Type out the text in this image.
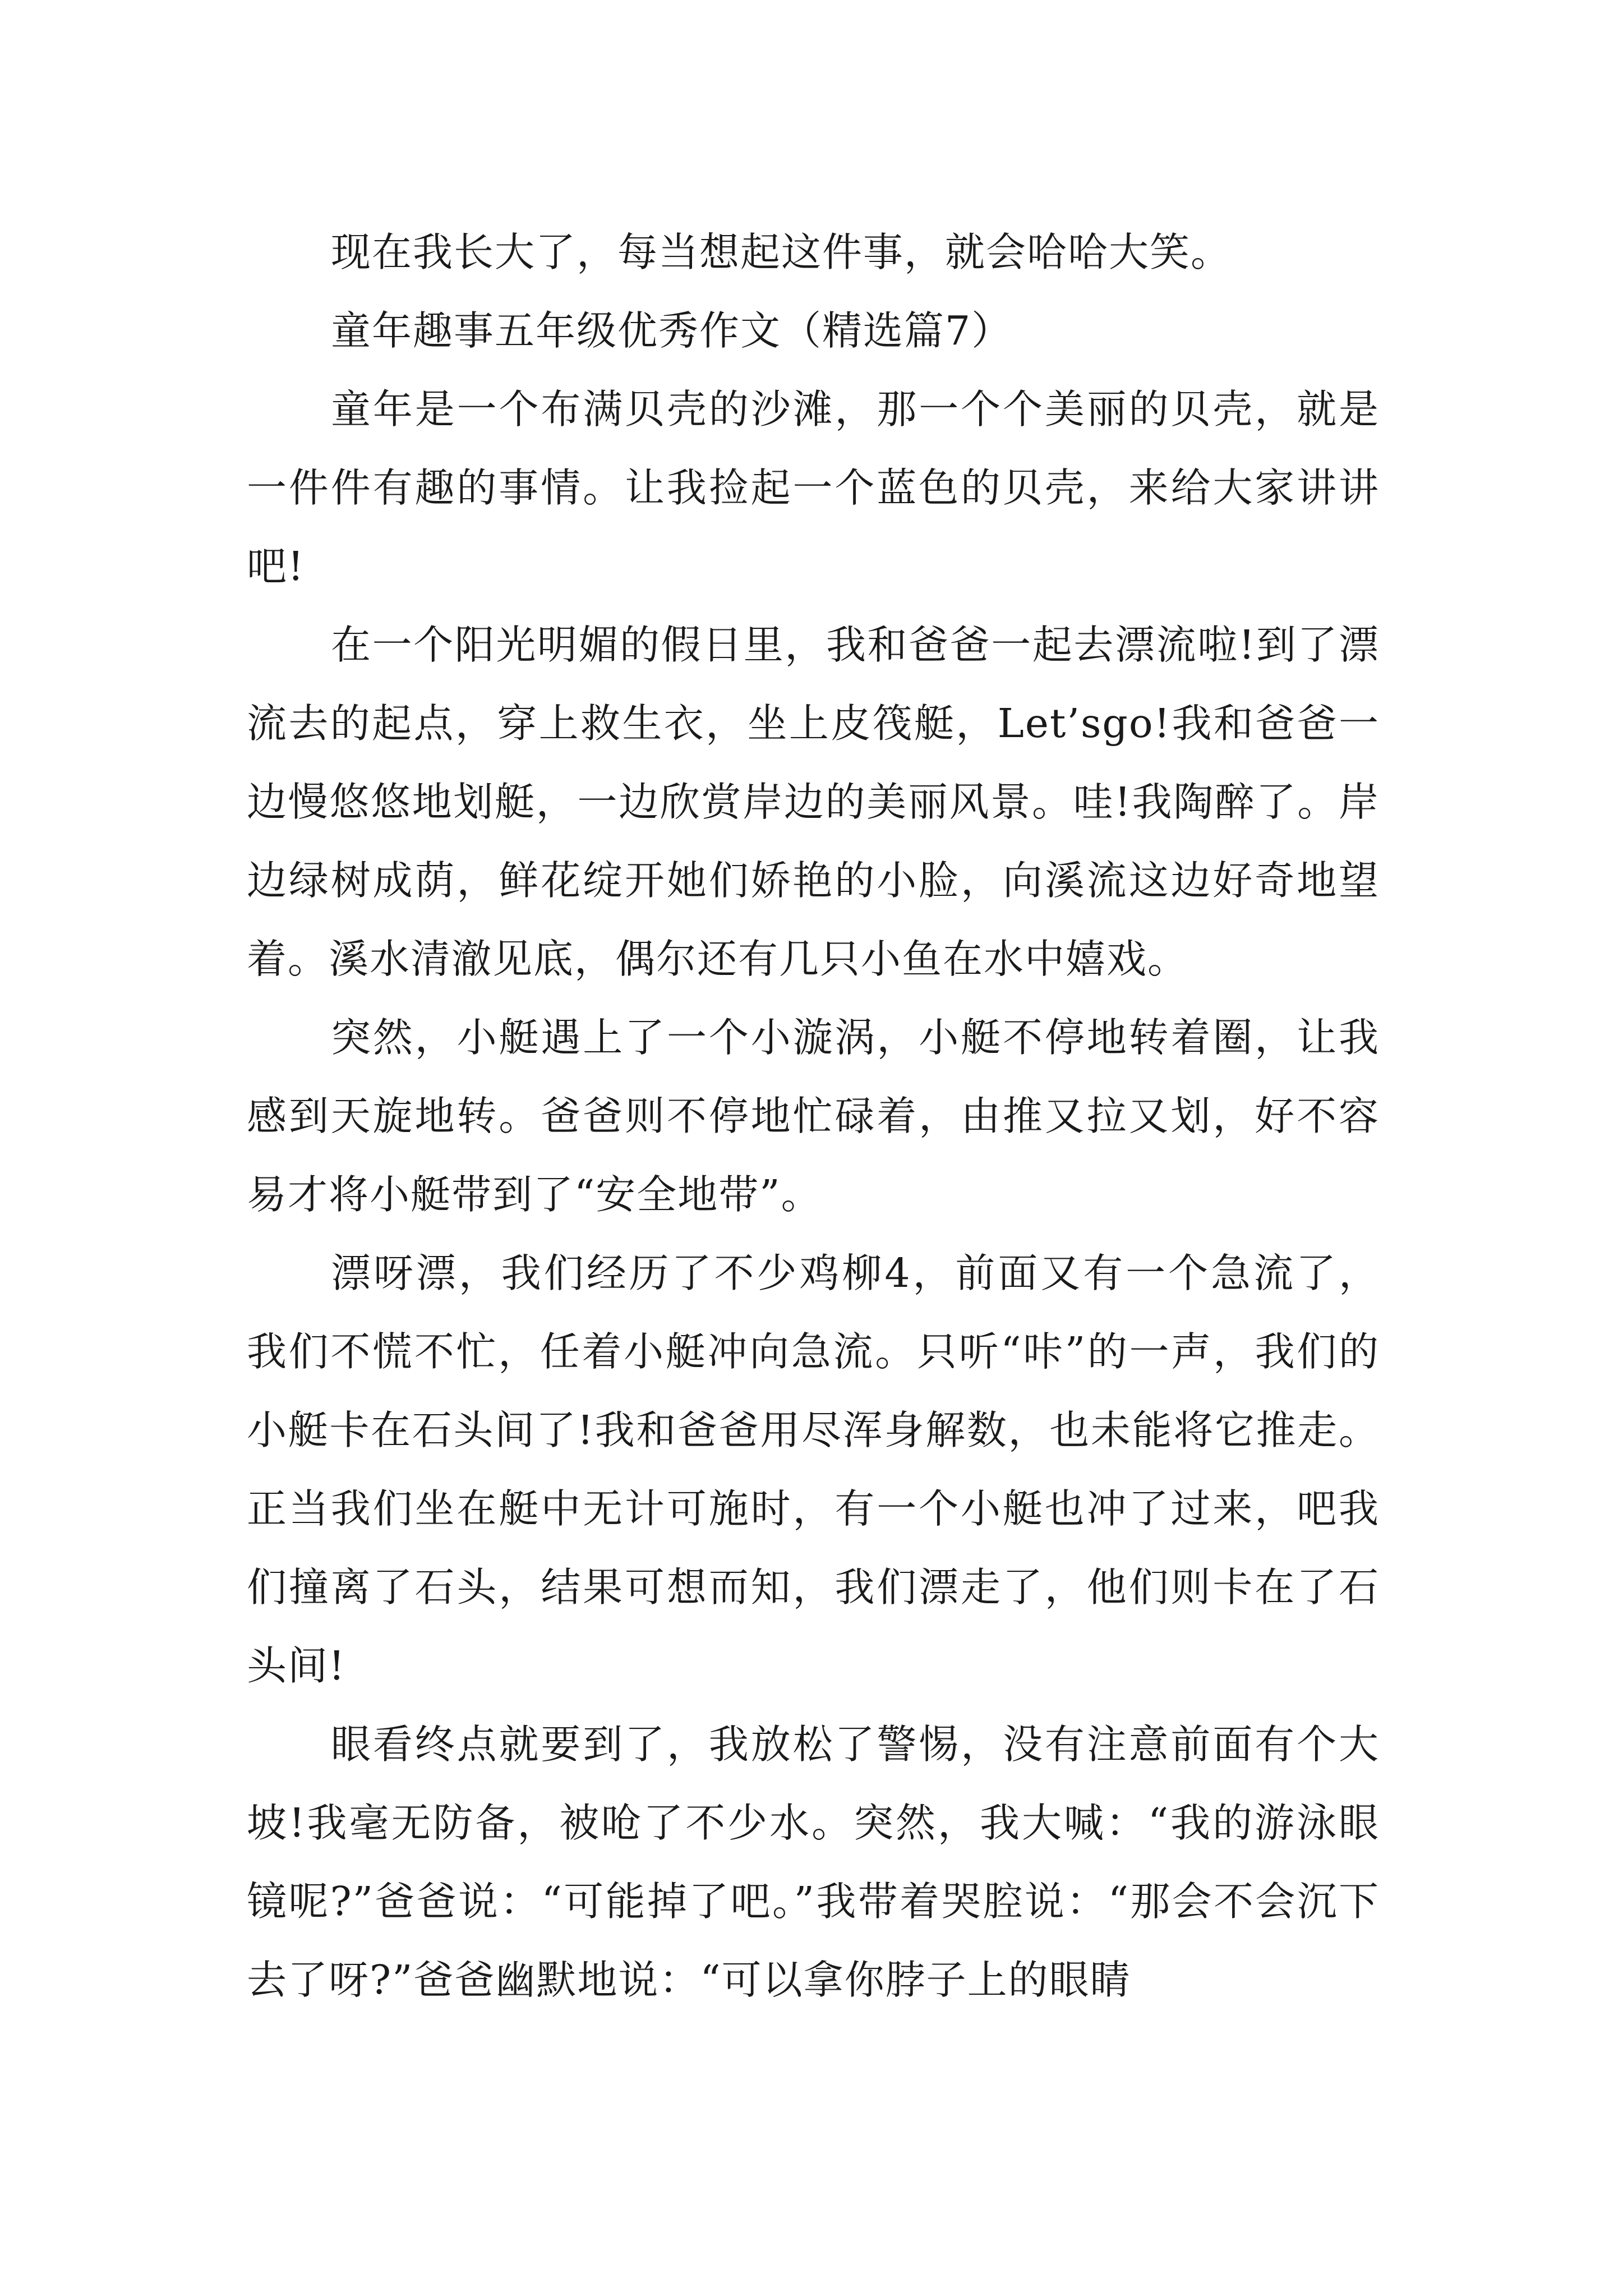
现在我长大了，每当想起这件事，就会哈哈大笑。

童年趣事五年级优秀作文（精选篇7）

童年是一个布满贝壳的沙滩，那一个个美丽的贝壳，就是一件件有趣的事情。让我捡起一个蓝色的贝壳，来给大家讲讲吧!

在一个阳光明媚的假日里，我和爸爸一起去漂流啦!到了漂流去的起点，穿上救生衣，坐上皮筏艇，Let’sgo!我和爸爸一边慢悠悠地划艇，一边欣赏岸边的美丽风景。哇!我陶醉了。岸边绿树成荫，鲜花绽开她们娇艳的小脸，向溪流这边好奇地望着。溪水清澈见底，偶尔还有几只小鱼在水中嬉戏。

突然，小艇遇上了一个小漩涡，小艇不停地转着圈，让我感到天旋地转。爸爸则不停地忙碌着，由推又拉又划，好不容易才将小艇带到了“安全地带”。

漂呀漂，我们经历了不少鸡柳4，前面又有一个急流了，我们不慌不忙，任着小艇冲向急流。只听“咔”的一声，我们的小艇卡在石头间了!我和爸爸用尽浑身解数，也未能将它推走。正当我们坐在艇中无计可施时，有一个小艇也冲了过来，吧我们撞离了石头，结果可想而知，我们漂走了，他们则卡在了石头间!

眼看终点就要到了，我放松了警惕，没有注意前面有个大坡!我毫无防备，被呛了不少水。突然，我大喊：“我的游泳眼镜呢?”爸爸说：“可能掉了吧。”我带着哭腔说：“那会不会沉下去了呀?”爸爸幽默地说：“可以拿你脖子上的眼睛
